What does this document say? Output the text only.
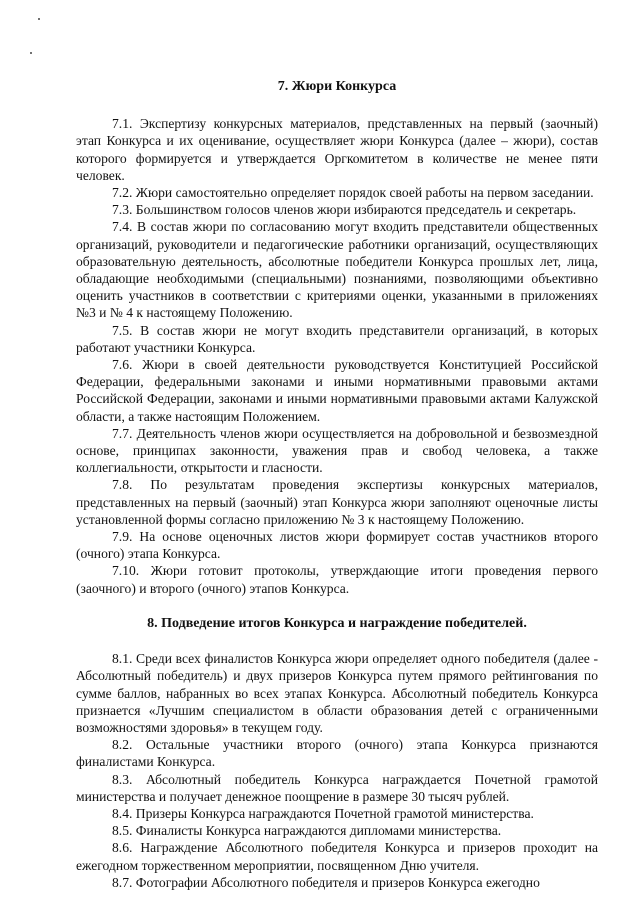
7. Жюри Конкурса

7.1. Экспертизу конкурсных материалов, представленных на первый (заочный) этап Конкурса и их оценивание, осуществляет жюри Конкурса (далее – жюри), состав которого формируется и утверждается Оргкомитетом в количестве не менее пяти человек.

7.2. Жюри самостоятельно определяет порядок своей работы на первом заседании.

7.3. Большинством голосов членов жюри избираются председатель и секретарь.

7.4. В состав жюри по согласованию могут входить представители общественных организаций, руководители и педагогические работники организаций, осуществляющих образовательную деятельность, абсолютные победители Конкурса прошлых лет, лица, обладающие необходимыми (специальными) познаниями, позволяющими объективно оценить участников в соответствии с критериями оценки, указанными в приложениях №3 и № 4 к настоящему Положению.

7.5. В состав жюри не могут входить представители организаций, в которых работают участники Конкурса.

7.6. Жюри в своей деятельности руководствуется Конституцией Российской Федерации, федеральными законами и иными нормативными правовыми актами Российской Федерации, законами и иными нормативными правовыми актами Калужской области, а также настоящим Положением.

7.7. Деятельность членов жюри осуществляется на добровольной и безвозмездной основе, принципах законности, уважения прав и свобод человека, а также коллегиальности, открытости и гласности.

7.8. По результатам проведения экспертизы конкурсных материалов, представленных на первый (заочный) этап Конкурса жюри заполняют оценочные листы установленной формы согласно приложению № 3 к настоящему Положению.

7.9. На основе оценочных листов жюри формирует состав участников второго (очного) этапа Конкурса.

7.10. Жюри готовит протоколы, утверждающие итоги проведения первого (заочного) и второго (очного) этапов Конкурса.

8. Подведение итогов Конкурса и награждение победителей.

8.1. Среди всех финалистов Конкурса жюри определяет одного победителя (далее - Абсолютный победитель) и двух призеров Конкурса путем прямого рейтингования по сумме баллов, набранных во всех этапах Конкурса. Абсолютный победитель Конкурса признается «Лучшим специалистом в области образования детей с ограниченными возможностями здоровья» в текущем году.

8.2. Остальные участники второго (очного) этапа Конкурса признаются финалистами Конкурса.

8.3. Абсолютный победитель Конкурса награждается Почетной грамотой министерства и получает денежное поощрение в размере 30 тысяч рублей.

8.4. Призеры Конкурса награждаются Почетной грамотой министерства.

8.5. Финалисты Конкурса награждаются дипломами министерства.

8.6. Награждение Абсолютного победителя Конкурса и призеров проходит на ежегодном торжественном мероприятии, посвященном Дню учителя.

8.7. Фотографии Абсолютного победителя и призеров Конкурса ежегодно
